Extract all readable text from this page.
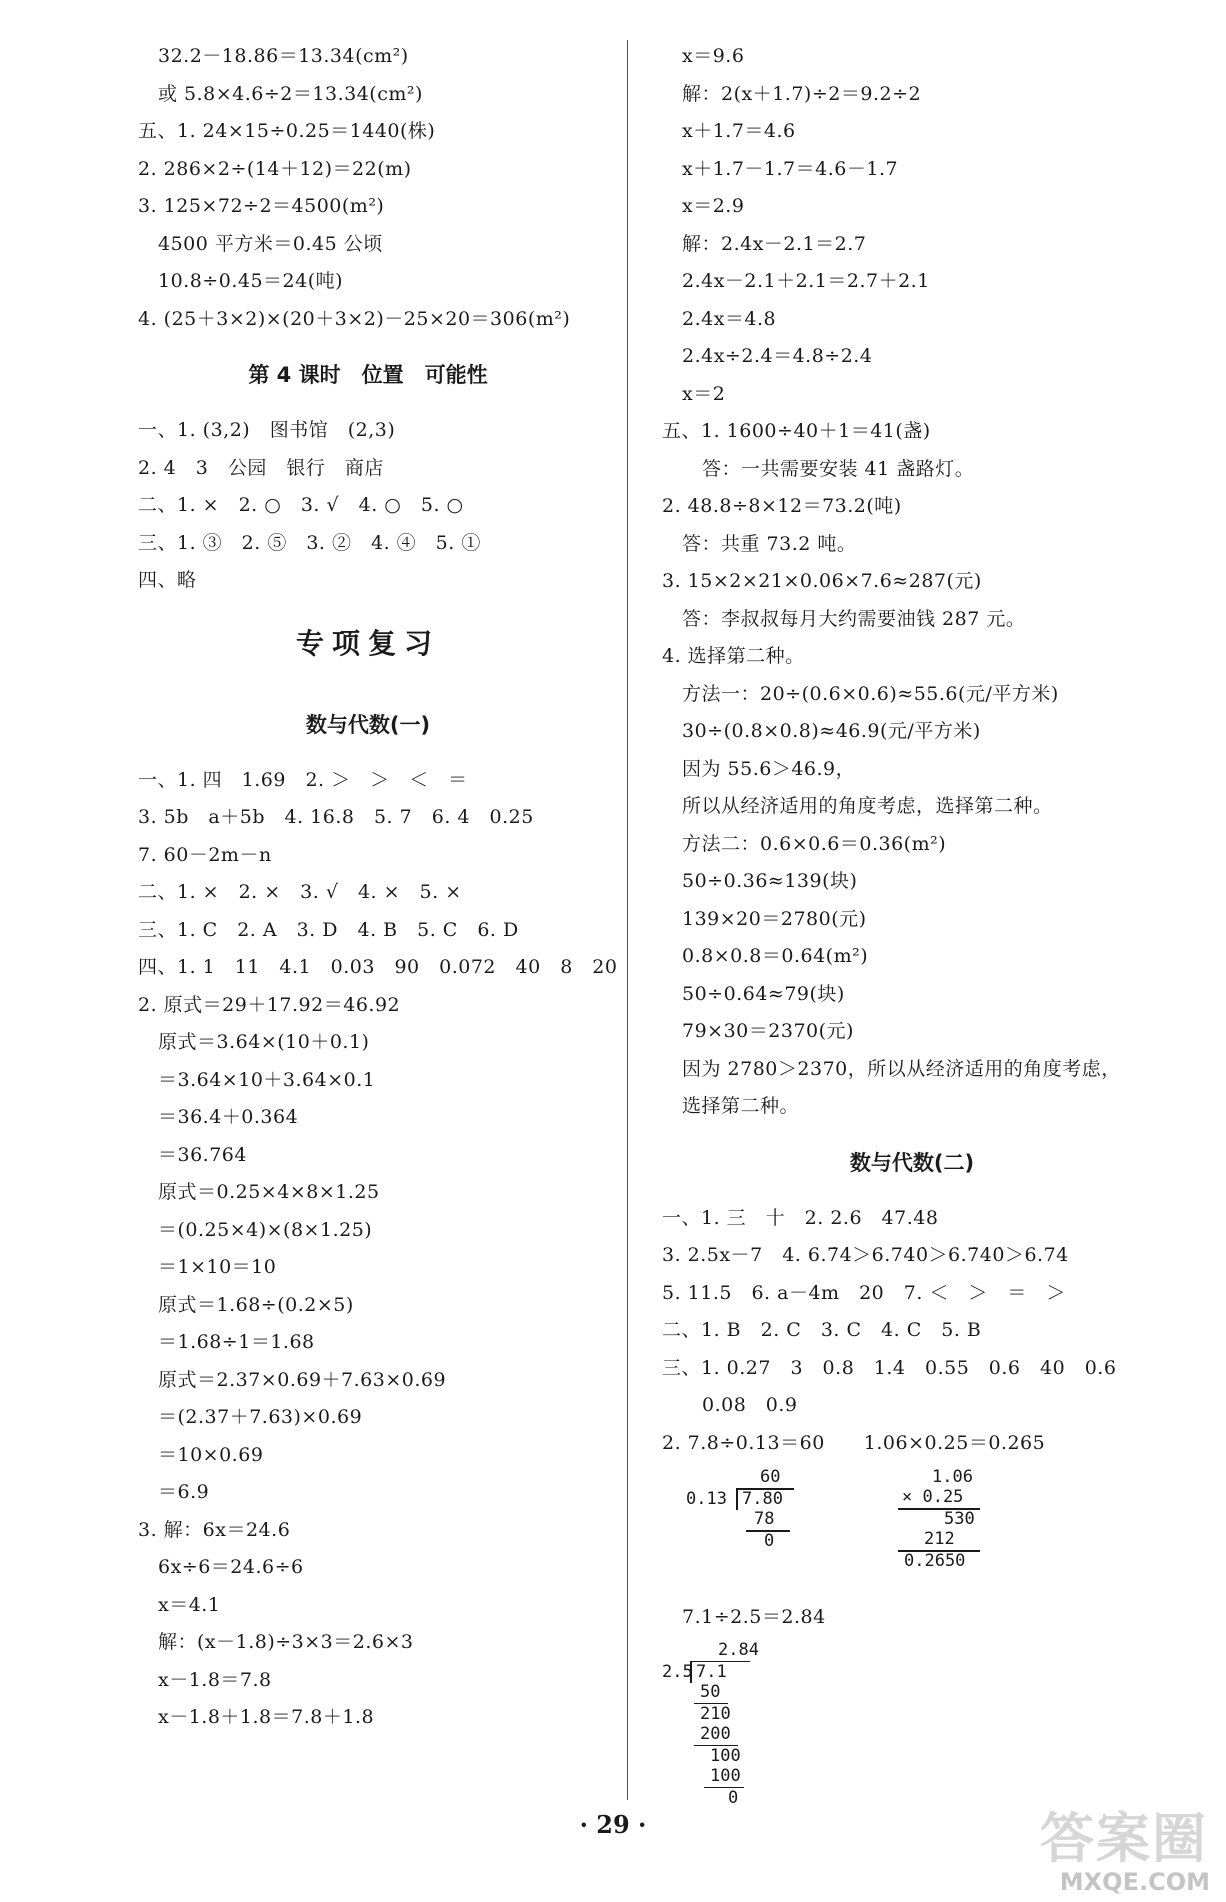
32.2－18.86＝13.34(cm²)
或 5.8×4.6÷2＝13.34(cm²)
五、1. 24×15÷0.25＝1440(株)
2. 286×2÷(14＋12)＝22(m)
3. 125×72÷2＝4500(m²)
4500 平方米＝0.45 公顷
10.8÷0.45＝24(吨)
4. (25＋3×2)×(20＋3×2)－25×20＝306(m²)
第 4 课时　位置　可能性
一、1. (3,2)　图书馆　(2,3)
2. 4　3　公园　银行　商店
二、1. ×　2. ○　3. √　4. ○　5. ○
三、1. ③　2. ⑤　3. ②　4. ④　5. ①
四、略
专项复习
数与代数(一)
一、1. 四　1.69　2. ＞　＞　＜　＝
3. 5b　a＋5b　4. 16.8　5. 7　6. 4　0.25
7. 60－2m－n
二、1. ×　2. ×　3. √　4. ×　5. ×
三、1. C　2. A　3. D　4. B　5. C　6. D
四、1. 1　11　4.1　0.03　90　0.072　40　8　20
2. 原式＝29＋17.92＝46.92
原式＝3.64×(10＋0.1)
＝3.64×10＋3.64×0.1
＝36.4＋0.364
＝36.764
原式＝0.25×4×8×1.25
＝(0.25×4)×(8×1.25)
＝1×10＝10
原式＝1.68÷(0.2×5)
＝1.68÷1＝1.68
原式＝2.37×0.69＋7.63×0.69
＝(2.37＋7.63)×0.69
＝10×0.69
＝6.9
3. 解：6x＝24.6
6x÷6＝24.6÷6
x＝4.1
解：(x－1.8)÷3×3＝2.6×3
x－1.8＝7.8
x－1.8＋1.8＝7.8＋1.8
x＝9.6
解：2(x＋1.7)÷2＝9.2÷2
x＋1.7＝4.6
x＋1.7－1.7＝4.6－1.7
x＝2.9
解：2.4x－2.1＝2.7
2.4x－2.1＋2.1＝2.7＋2.1
2.4x＝4.8
2.4x÷2.4＝4.8÷2.4
x＝2
五、1. 1600÷40＋1＝41(盏)
答：一共需要安装 41 盏路灯。
2. 48.8÷8×12＝73.2(吨)
答：共重 73.2 吨。
3. 15×2×21×0.06×7.6≈287(元)
答：李叔叔每月大约需要油钱 287 元。
4. 选择第二种。
方法一：20÷(0.6×0.6)≈55.6(元/平方米)
30÷(0.8×0.8)≈46.9(元/平方米)
因为 55.6＞46.9，
所以从经济适用的角度考虑，选择第二种。
方法二：0.6×0.6＝0.36(m²)
50÷0.36≈139(块)
139×20＝2780(元)
0.8×0.8＝0.64(m²)
50÷0.64≈79(块)
79×30＝2370(元)
因为 2780＞2370，所以从经济适用的角度考虑，
选择第二种。
数与代数(二)
一、1. 三　十　2. 2.6　47.48
3. 2.5x－7　4. 6.7̇4̇＞6.74̇0̇＞6.7̇40̇＞6.74
5. 11.5　6. a－4m　20　7. ＜　＞　＝　＞
二、1. B　2. C　3. C　4. C　5. B
三、1. 0.27　3　0.8　1.4　0.55　0.6　40　0.6
0.08　0.9
2. 7.8÷0.13＝60　　1.06×0.25＝0.265
60
0.13 7.80
78
0
1.06
× 0.25
530
212
0.2650
7.1÷2.5＝2.84
2.84
2.5 7.1
50
210
200
100
100
0
· 29 ·	答案圈
MXQE.COM
